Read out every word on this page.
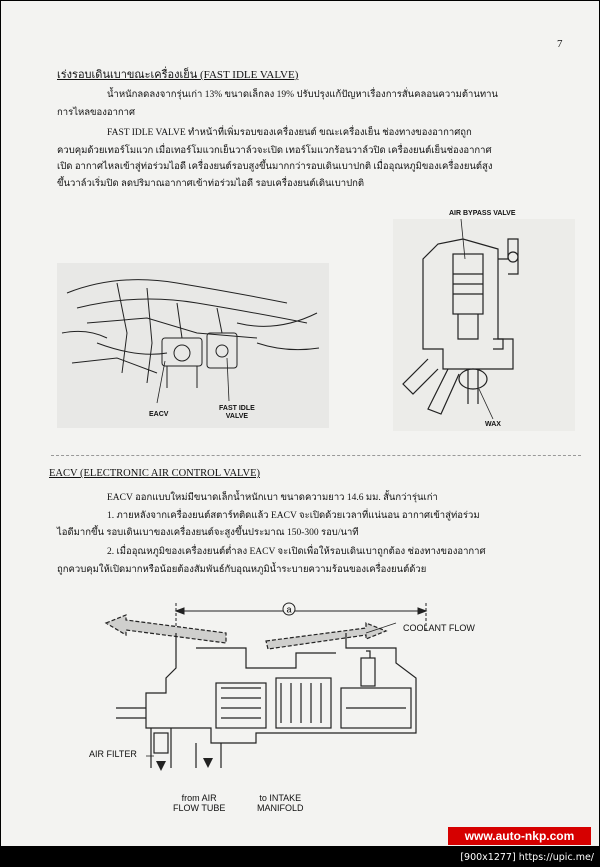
7
เร่งรอบเดินเบาขณะเครื่องเย็น (FAST IDLE VALVE)
น้ำหนักลดลงจากรุ่นเก่า 13% ขนาดเล็กลง 19% ปรับปรุงแก้ปัญหาเรื่องการสั่นคลอนความต้านทาน
การไหลของอากาศ
FAST IDLE VALVE ทำหน้าที่เพิ่มรอบของเครื่องยนต์ ขณะเครื่องเย็น ช่องทางของอากาศถูก
ควบคุมด้วยเทอร์โมแวก เมื่อเทอร์โมแวกเย็นวาล์วจะเปิด เทอร์โมแวกร้อนวาล์วปิด เครื่องยนต์เย็นช่องอากาศ
เปิด อากาศไหลเข้าสู่ท่อร่วมไอดี เครื่องยนต์รอบสูงขึ้นมากกว่ารอบเดินเบาปกติ เมื่ออุณหภูมิของเครื่องยนต์สูง
ขึ้นวาล์วเริ่มปิด ลดปริมาณอากาศเข้าท่อร่วมไอดี รอบเครื่องยนต์เดินเบาปกติ
EACV
FAST IDLE
VALVE
AIR BYPASS VALVE
WAX
EACV (ELECTRONIC AIR CONTROL VALVE)
EACV ออกแบบใหม่มีขนาดเล็กน้ำหนักเบา ขนาดความยาว 14.6 มม. สั้นกว่ารุ่นเก่า
1. ภายหลังจากเครื่องยนต์สตาร์ทติดแล้ว EACV จะเปิดด้วยเวลาที่แน่นอน อากาศเข้าสู่ท่อร่วม
ไอดีมากขึ้น รอบเดินเบาของเครื่องยนต์จะสูงขึ้นประมาณ 150-300 รอบ/นาที
2. เมื่ออุณหภูมิของเครื่องยนต์ต่ำลง EACV จะเปิดเพื่อให้รอบเดินเบาถูกต้อง ช่องทางของอากาศ
ถูกควบคุมให้เปิดมากหรือน้อยต้องสัมพันธ์กับอุณหภูมิน้ำระบายความร้อนของเครื่องยนต์ด้วย
a
COOLANT FLOW
AIR FILTER
from AIR
FLOW TUBE
to INTAKE
MANIFOLD
www.auto-nkp.com
[900x1277] https://upic.me/
